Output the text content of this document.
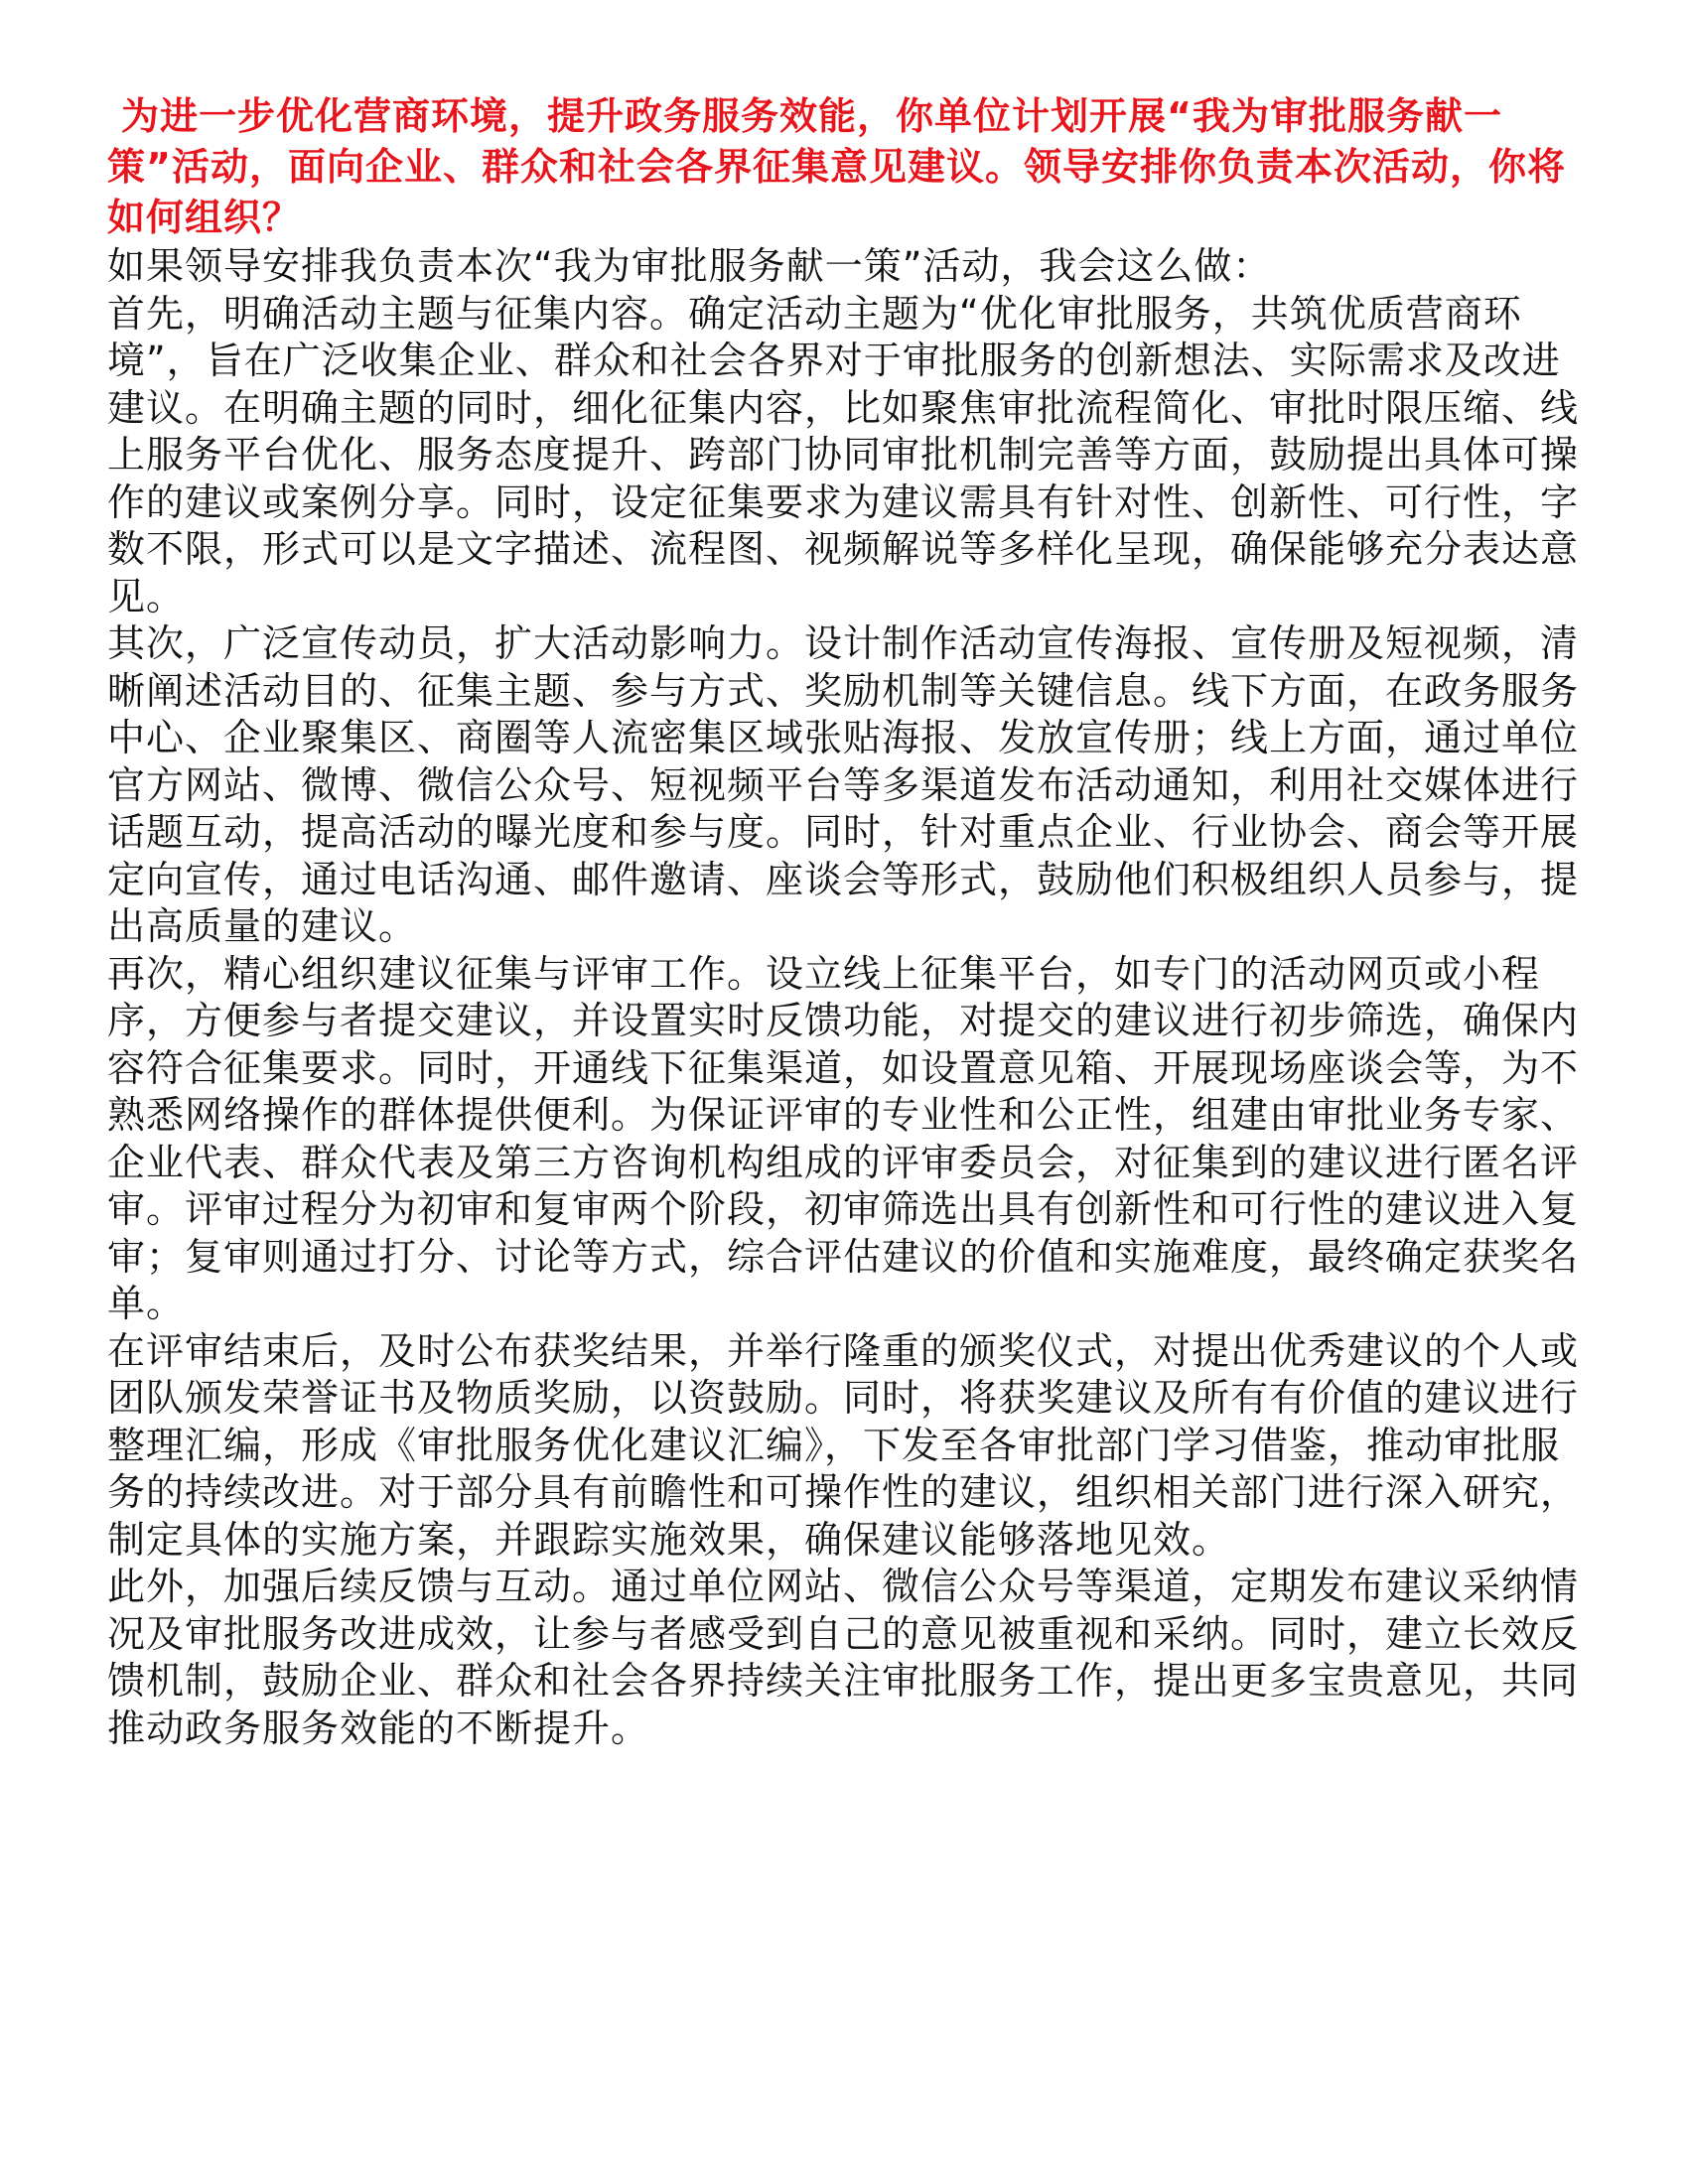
为进一步优化营商环境，提升政务服务效能，你单位计划开展“我为审批服务献一策”活动，面向企业、群众和社会各界征集意见建议。领导安排你负责本次活动，你将如何组织？

如果领导安排我负责本次“我为审批服务献一策”活动，我会这么做：

首先，明确活动主题与征集内容。确定活动主题为“优化审批服务，共筑优质营商环境”，旨在广泛收集企业、群众和社会各界对于审批服务的创新想法、实际需求及改进建议。在明确主题的同时，细化征集内容，比如聚焦审批流程简化、审批时限压缩、线上服务平台优化、服务态度提升、跨部门协同审批机制完善等方面，鼓励提出具体可操作的建议或案例分享。同时，设定征集要求为建议需具有针对性、创新性、可行性，字数不限，形式可以是文字描述、流程图、视频解说等多样化呈现，确保能够充分表达意见。

其次，广泛宣传动员，扩大活动影响力。设计制作活动宣传海报、宣传册及短视频，清晰阐述活动目的、征集主题、参与方式、奖励机制等关键信息。线下方面，在政务服务中心、企业聚集区、商圈等人流密集区域张贴海报、发放宣传册；线上方面，通过单位官方网站、微博、微信公众号、短视频平台等多渠道发布活动通知，利用社交媒体进行话题互动，提高活动的曝光度和参与度。同时，针对重点企业、行业协会、商会等开展定向宣传，通过电话沟通、邮件邀请、座谈会等形式，鼓励他们积极组织人员参与，提出高质量的建议。

再次，精心组织建议征集与评审工作。设立线上征集平台，如专门的活动网页或小程序，方便参与者提交建议，并设置实时反馈功能，对提交的建议进行初步筛选，确保内容符合征集要求。同时，开通线下征集渠道，如设置意见箱、开展现场座谈会等，为不熟悉网络操作的群体提供便利。为保证评审的专业性和公正性，组建由审批业务专家、企业代表、群众代表及第三方咨询机构组成的评审委员会，对征集到的建议进行匿名评审。评审过程分为初审和复审两个阶段，初审筛选出具有创新性和可行性的建议进入复审；复审则通过打分、讨论等方式，综合评估建议的价值和实施难度，最终确定获奖名单。

在评审结束后，及时公布获奖结果，并举行隆重的颁奖仪式，对提出优秀建议的个人或团队颁发荣誉证书及物质奖励，以资鼓励。同时，将获奖建议及所有有价值的建议进行整理汇编，形成《审批服务优化建议汇编》，下发至各审批部门学习借鉴，推动审批服务的持续改进。对于部分具有前瞻性和可操作性的建议，组织相关部门进行深入研究，制定具体的实施方案，并跟踪实施效果，确保建议能够落地见效。

此外，加强后续反馈与互动。通过单位网站、微信公众号等渠道，定期发布建议采纳情况及审批服务改进成效，让参与者感受到自己的意见被重视和采纳。同时，建立长效反馈机制，鼓励企业、群众和社会各界持续关注审批服务工作，提出更多宝贵意见，共同推动政务服务效能的不断提升。
